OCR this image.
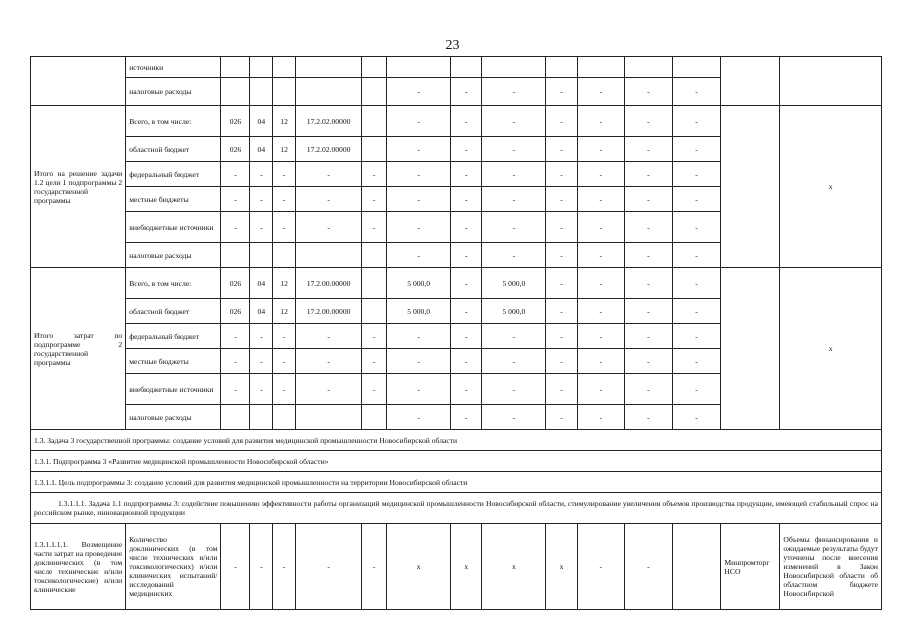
23
	источники														
	налоговые расходы						-	-	-	-	-	-	-		
Итого на решение задачи 1.2 цели 1 подпрограммы 2 государственной программы	Всего, в том числе:	026	04	12	17.2.02.00000		-	-	-	-	-	-	-		х
	областной бюджет	026	04	12	17.2.02.00000		-	-	-	-	-	-	-		
	федеральный бюджет	-	-	-	-	-	-	-	-	-	-	-	-		
	местные бюджеты	-	-	-	-	-	-	-	-	-	-	-	-		
	внебюджетные источники	-	-	-	-	-	-	-	-	-	-	-	-		
	налоговые расходы						-	-	-	-	-	-	-		
Итого затрат по подпрограмме 2 государственной программы	Всего, в том числе:	026	04	12	17.2.00.00000		5 000,0	-	5 000,0	-	-	-	-		х
	областной бюджет	026	04	12	17.2.00.00000		5 000,0	-	5 000,0	-	-	-	-		
	федеральный бюджет	-	-	-	-	-	-	-	-	-	-	-	-		
	местные бюджеты	-	-	-	-	-	-	-	-	-	-	-	-		
	внебюджетные источники	-	-	-	-	-	-	-	-	-	-	-	-		
	налоговые расходы						-	-	-	-	-	-	-		
1.3. Задача 3 государственной программы: создание условий для развития медицинской промышленности Новосибирской области															
1.3.1. Подпрограмма 3 «Развитие медицинской промышленности Новосибирской области»															
1.3.1.1. Цель подпрограммы 3: создание условий для развития медицинской промышленности на территории Новосибирской области															
1.3.1.1.1. Задача 1.1 подпрограммы 3: содействие повышению эффективности работы организаций медицинской промышленности Новосибирской области, стимулирование увеличения объемов производства продукции, имеющей стабильный спрос на российском рынке, инновационной продукции															
1.3.1.1.1.1. Возмещение части затрат на проведение доклинических (в том числе технические и/или токсикологические) и/или клинические	Количество доклинических (в том числе технических и/или токсикологических) и/или клинических испытаний/исследований медицинских	-	-	-	-	-	х	х	х	х	-	-		Минпромторг НСО	Объемы финансирования и ожидаемые результаты будут уточнены после внесения изменений в Закон Новосибирской области об областном бюджете Новосибирской
